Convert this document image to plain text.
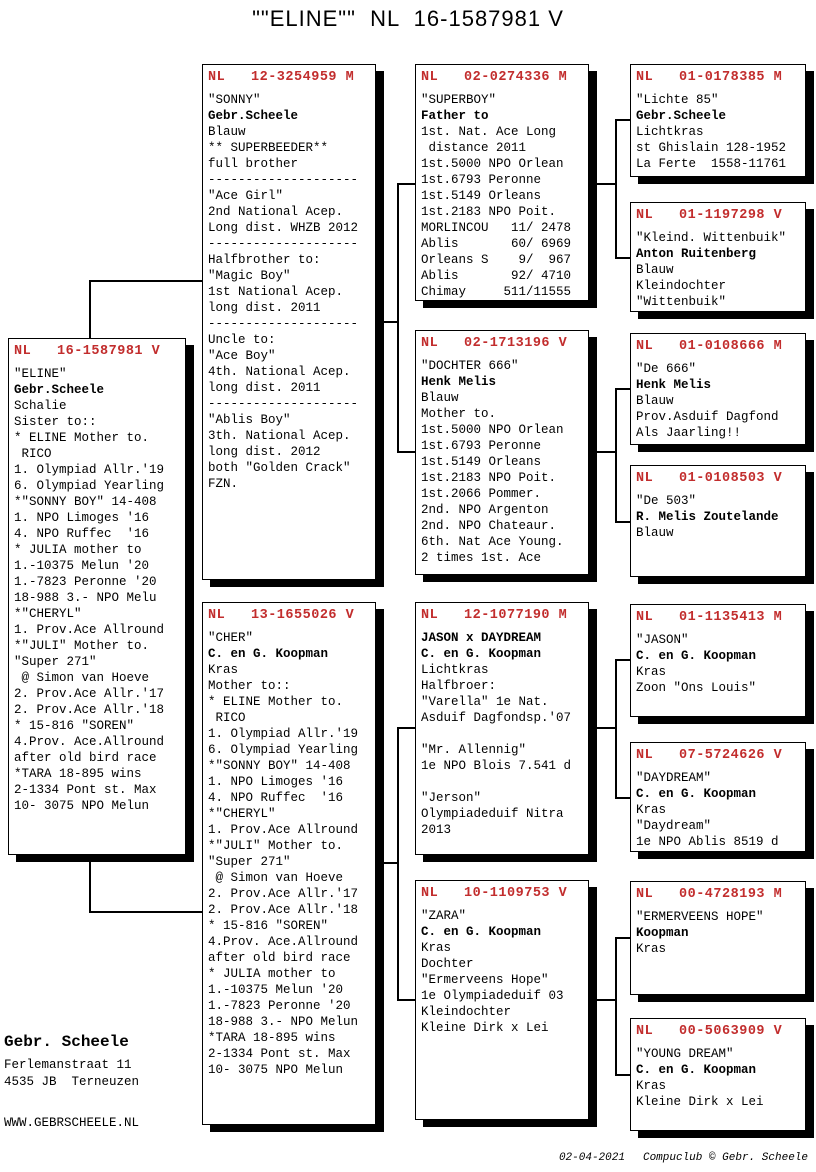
""ELINE""  NL  16-1587981 V
NL   16-1587981 V
"ELINE"
Gebr.Scheele
Schalie
Sister to::
* ELINE Mother to.
RICO
1. Olympiad Allr.'19
6. Olympiad Yearling
*"SONNY BOY" 14-408
1. NPO Limoges '16
4. NPO Ruffec  '16
* JULIA mother to
1.-10375 Melun '20
1.-7823 Peronne '20
18-988 3.- NPO Melu
*"CHERYL"
1. Prov.Ace Allround
*"JULI" Mother to.
"Super 271"
@ Simon van Hoeve
2. Prov.Ace Allr.'17
2. Prov.Ace Allr.'18
* 15-816 "SOREN"
4.Prov. Ace.Allround
after old bird race
*TARA 18-895 wins
2-1334 Pont st. Max
10- 3075 NPO Melun
NL   12-3254959 M
"SONNY"
Gebr.Scheele
Blauw
** SUPERBEEDER**
full brother
--------------------
"Ace Girl"
2nd National Acep.
Long dist. WHZB 2012
--------------------
Halfbrother to:
"Magic Boy"
1st National Acep.
long dist. 2011
--------------------
Uncle to:
"Ace Boy"
4th. National Acep.
long dist. 2011
--------------------
"Ablis Boy"
3th. National Acep.
long dist. 2012
both "Golden Crack"
FZN.
NL   13-1655026 V
"CHER"
C. en G. Koopman
Kras
Mother to::
* ELINE Mother to.
RICO
1. Olympiad Allr.'19
6. Olympiad Yearling
*"SONNY BOY" 14-408
1. NPO Limoges '16
4. NPO Ruffec  '16
*"CHERYL"
1. Prov.Ace Allround
*"JULI" Mother to.
"Super 271"
@ Simon van Hoeve
2. Prov.Ace Allr.'17
2. Prov.Ace Allr.'18
* 15-816 "SOREN"
4.Prov. Ace.Allround
after old bird race
* JULIA mother to
1.-10375 Melun '20
1.-7823 Peronne '20
18-988 3.- NPO Melun
*TARA 18-895 wins
2-1334 Pont st. Max
10- 3075 NPO Melun
NL   02-0274336 M
"SUPERBOY"
Father to
1st. Nat. Ace Long
distance 2011
1st.5000 NPO Orlean
1st.6793 Peronne
1st.5149 Orleans
1st.2183 NPO Poit.
MORLINCOU   11/ 2478
Ablis       60/ 6969
Orleans S    9/  967
Ablis       92/ 4710
Chimay     511/11555
NL   02-1713196 V
"DOCHTER 666"
Henk Melis
Blauw
Mother to.
1st.5000 NPO Orlean
1st.6793 Peronne
1st.5149 Orleans
1st.2183 NPO Poit.
1st.2066 Pommer.
2nd. NPO Argenton
2nd. NPO Chateaur.
6th. Nat Ace Young.
2 times 1st. Ace
NL   12-1077190 M
JASON x DAYDREAM
C. en G. Koopman
Lichtkras
Halfbroer:
"Varella" 1e Nat.
Asduif Dagfondsp.'07

"Mr. Allennig"
1e NPO Blois 7.541 d

"Jerson"
Olympiadeduif Nitra
2013
NL   10-1109753 V
"ZARA"
C. en G. Koopman
Kras
Dochter
"Ermerveens Hope"
1e Olympiadeduif 03
Kleindochter
Kleine Dirk x Lei
NL   01-0178385 M
"Lichte 85"
Gebr.Scheele
Lichtkras
st Ghislain 128-1952
La Ferte  1558-11761
NL   01-1197298 V
"Kleind. Wittenbuik"
Anton Ruitenberg
Blauw
Kleindochter
"Wittenbuik"
NL   01-0108666 M
"De 666"
Henk Melis
Blauw
Prov.Asduif Dagfond
Als Jaarling!!
NL   01-0108503 V
"De 503"
R. Melis Zoutelande
Blauw
NL   01-1135413 M
"JASON"
C. en G. Koopman
Kras
Zoon "Ons Louis"
NL   07-5724626 V
"DAYDREAM"
C. en G. Koopman
Kras
"Daydream"
1e NPO Ablis 8519 d
NL   00-4728193 M
"ERMERVEENS HOPE"
Koopman
Kras
NL   00-5063909 V
"YOUNG DREAM"
C. en G. Koopman
Kras
Kleine Dirk x Lei
Gebr. Scheele
Ferlemanstraat 11
4535 JB  Terneuzen
WWW.GEBRSCHEELE.NL

02-04-2021 Compuclub © Gebr. Scheele
